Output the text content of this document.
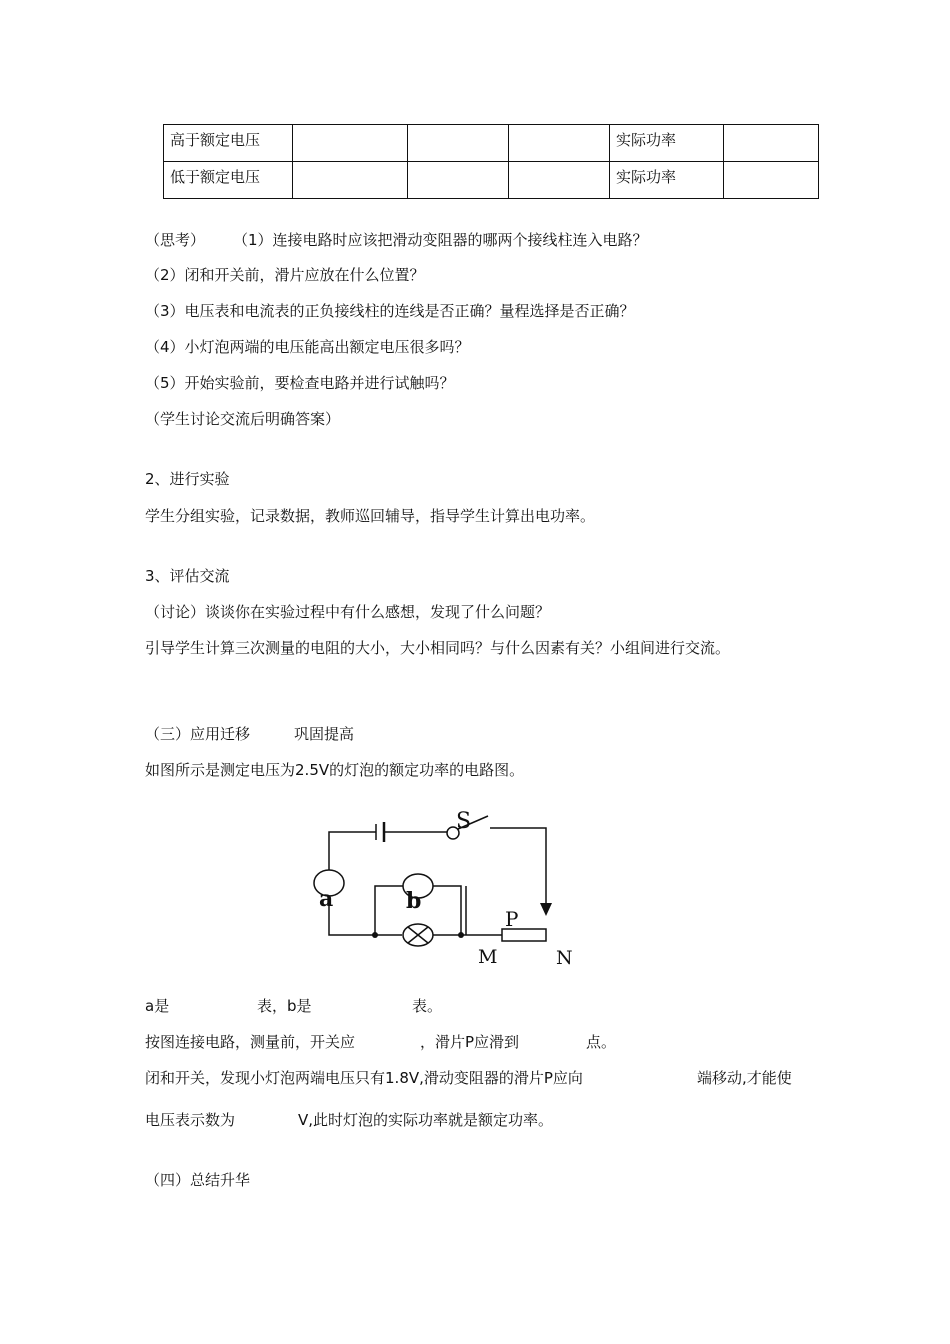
高于额定电压				实际功率	
低于额定电压				实际功率	
（思考） （1）连接电路时应该把滑动变阻器的哪两个接线柱连入电路？
（2）闭和开关前，滑片应放在什么位置？
（3）电压表和电流表的正负接线柱的连线是否正确？量程选择是否正确？
（4）小灯泡两端的电压能高出额定电压很多吗？
（5）开始实验前，要检查电路并进行试触吗？
（学生讨论交流后明确答案）
2、进行实验
学生分组实验，记录数据，教师巡回辅导，指导学生计算出电功率。
3、评估交流
（讨论）谈谈你在实验过程中有什么感想，发现了什么问题？
引导学生计算三次测量的电阻的大小，大小相同吗？与什么因素有关？小组间进行交流。
（三）应用迁移	巩固提高
如图所示是测定电压为2.5V的灯泡的额定功率的电路图。
S
a	b
P
M	N
a是	表，b是	表。
按图连接电路，测量前，开关应	，滑片P应滑到	点。
闭和开关，发现小灯泡两端电压只有1.8V,滑动变阻器的滑片P应向	端移动,才能使
电压表示数为	V,此时灯泡的实际功率就是额定功率。
（四）总结升华
